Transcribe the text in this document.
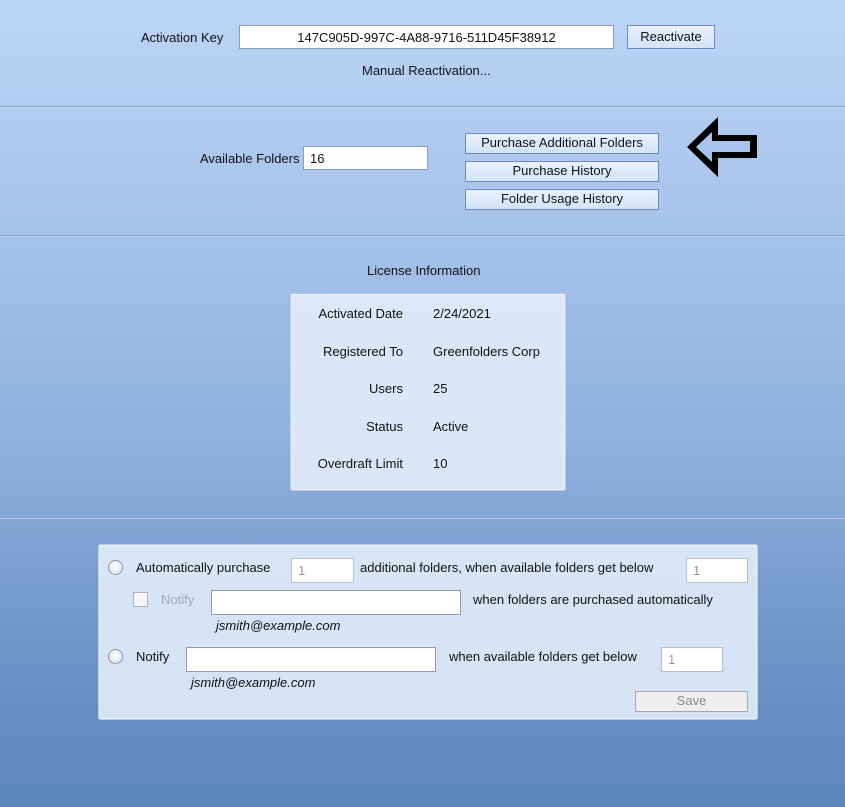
Activation Key
147C905D-997C-4A88-9716-511D45F38912	Reactivate
Manual Reactivation...
Available Folders
16
Purchase Additional Folders
Purchase History
Folder Usage History
License Information
Activated Date 2/24/2021
Registered To Greenfolders Corp
Users 25
Status Active
Overdraft Limit 10
Automatically purchase
1	additional folders, when available folders get below
1
Notify	when folders are purchased automatically
jsmith@example.com
Notify	when available folders get below
1
jsmith@example.com
Save
